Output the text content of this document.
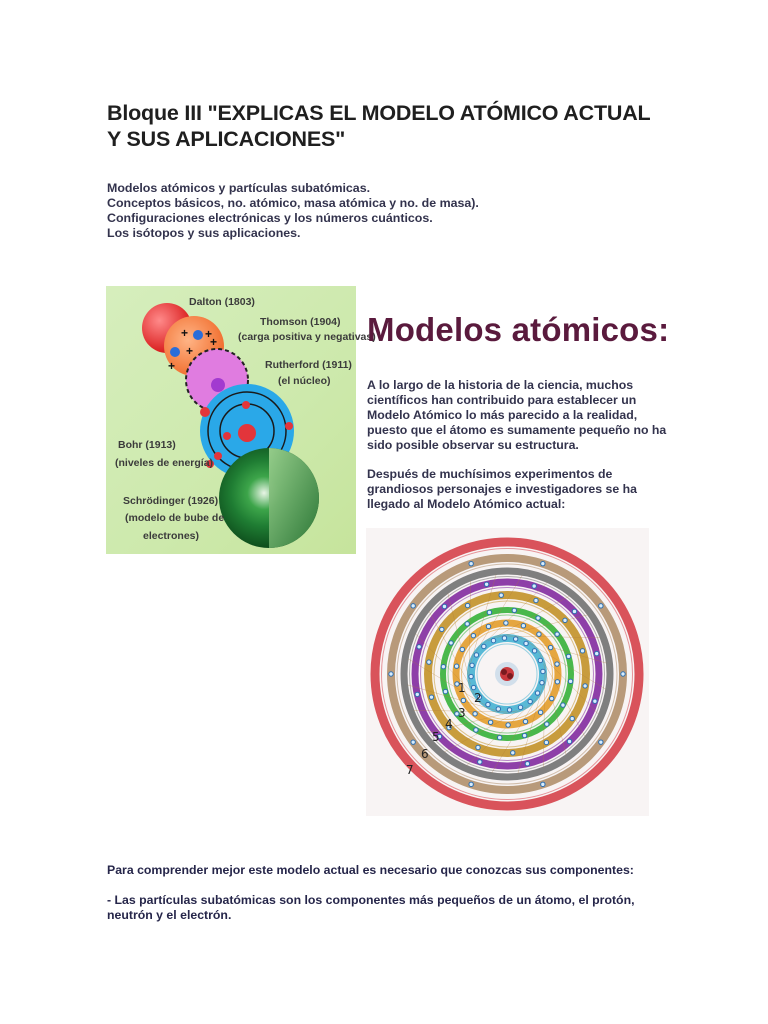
Bloque III "EXPLICAS EL MODELO ATÓMICO ACTUAL Y SUS APLICACIONES"
Modelos atómicos y partículas subatómicas.
Conceptos básicos, no. atómico, masa atómica y no. de masa).
Configuraciones electrónicas y los números cuánticos.
Los isótopos y sus aplicaciones.
+ +
+
+
+
Dalton (1803)
Thomson (1904)
(carga positiva y negativas)
Rutherford (1911)
(el núcleo)
Bohr (1913)
(niveles de energía)
Schrödinger (1926)
(modelo de bube de
electrones)
Modelos atómicos:

A lo largo de la historia de la ciencia, muchos científicos han contribuido para establecer un Modelo Atómico lo más parecido a la realidad, puesto que el átomo es sumamente pequeño no ha sido posible observar su estructura.

Después de muchísimos experimentos de grandiosos personajes e investigadores se ha llegado al Modelo Atómico actual:

1
2
3
4
5
6
7

Para comprender mejor este modelo actual es necesario que conozcas sus componentes:

- Las partículas subatómicas son los componentes más pequeños de un átomo, el protón, neutrón y el electrón.
